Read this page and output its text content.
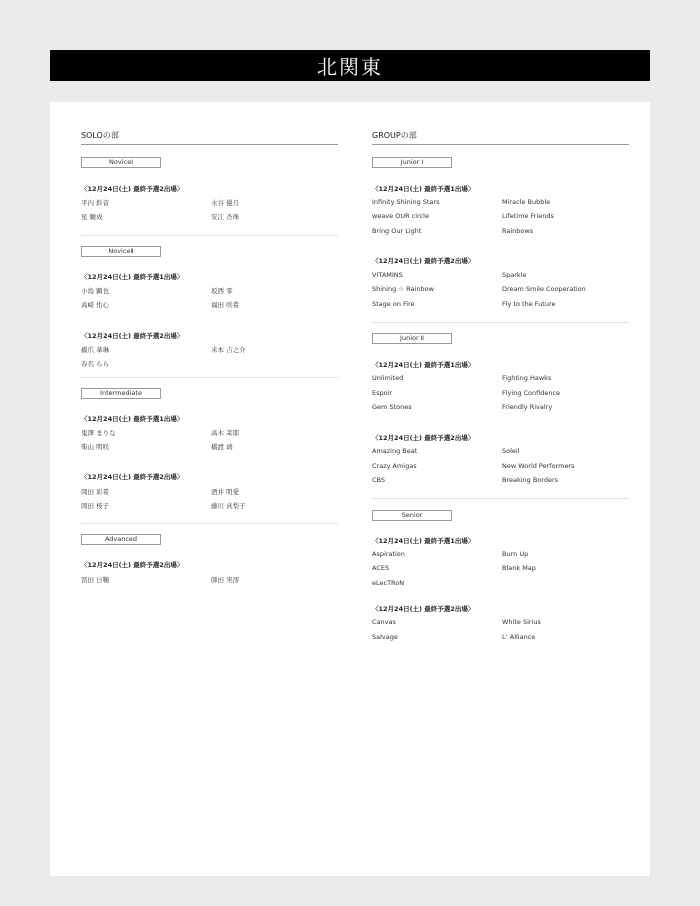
北関東
SOLOの部
NoviceⅠ
〈12月24日(土) 最終予選2出場〉
平内 鈴音	水谷 優月
星 駿成	安江 杏珠
NoviceⅡ
〈12月24日(土) 最終予選1出場〉
小島 顕也	坂西 零
高崎 佑心	福田 咲希
〈12月24日(土) 最終予選2出場〉
橋爪 華琳	米本 吉之介
春名 らら
Intermediate
〈12月24日(土) 最終予選1出場〉
鬼澤 まりな	高木 茉耶
柴山 明咲	橋渡 璃
〈12月24日(土) 最終予選2出場〉
岡田 彩希	酒井 明愛
岡田 桜子	藤川 真梨子
Advanced
〈12月24日(土) 最終予選2出場〉
冨田 日鞠	師田 実澪
GROUPの部
Junior Ⅰ
〈12月24日(土) 最終予選1出場〉
Infinity Shining Stars	Miracle Bubble
weave OUR circle	Lifetime Friends
Bring Our Light	Rainbows
〈12月24日(土) 最終予選2出場〉
VITAMINS	Sparkle
Shining ☆ Rainbow	Dream Smile Cooperation
Stage on Fire	Fly to the Future
Junior Ⅱ
〈12月24日(土) 最終予選1出場〉
Unlimited	Fighting Hawks
Espoir	Flying Confidence
Gem Stones	Friendly Rivalry
〈12月24日(土) 最終予選2出場〉
Amazing Beat	Soleil
Crazy Amigas	New World Performers
CBS	Breaking Borders
Senior
〈12月24日(土) 最終予選1出場〉
Aspiration	Burn Up
ACES	Blank Map
eLecTRoN
〈12月24日(土) 最終予選2出場〉
Canvas	White Sirius
Salvage	L’ Alliance
